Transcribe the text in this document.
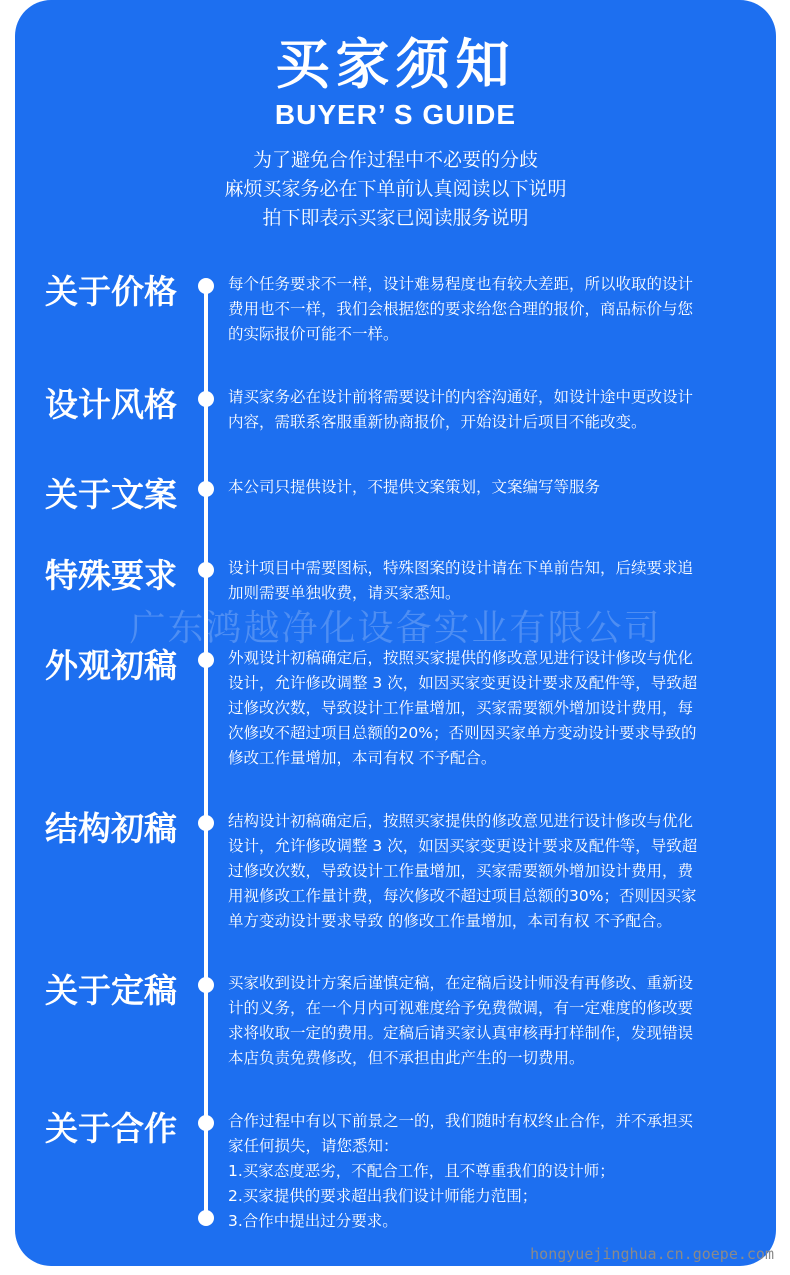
买家须知
BUYER’ S GUIDE
为了避免合作过程中不必要的分歧
麻烦买家务必在下单前认真阅读以下说明
拍下即表示买家已阅读服务说明
广东鸿越净化设备实业有限公司
关于价格	每个任务要求不一样，设计难易程度也有较大差距，所以收取的设计
费用也不一样，我们会根据您的要求给您合理的报价，商品标价与您
的实际报价可能不一样。
设计风格	请买家务必在设计前将需要设计的内容沟通好，如设计途中更改设计
内容，需联系客服重新协商报价，开始设计后项目不能改变。
关于文案	本公司只提供设计，不提供文案策划，文案编写等服务
特殊要求	设计项目中需要图标，特殊图案的设计请在下单前告知，后续要求追
加则需要单独收费，请买家悉知。
外观初稿	外观设计初稿确定后，按照买家提供的修改意见进行设计修改与优化
设计，允许修改调整 3 次，如因买家变更设计要求及配件等，导致超
过修改次数，导致设计工作量增加，买家需要额外增加设计费用，每
次修改不超过项目总额的20%；否则因买家单方变动设计要求导致的
修改工作量增加，本司有权 不予配合。
结构初稿	结构设计初稿确定后，按照买家提供的修改意见进行设计修改与优化
设计，允许修改调整 3 次，如因买家变更设计要求及配件等，导致超
过修改次数，导致设计工作量增加，买家需要额外增加设计费用，费
用视修改工作量计费，每次修改不超过项目总额的30%；否则因买家
单方变动设计要求导致 的修改工作量增加，本司有权 不予配合。
关于定稿	买家收到设计方案后谨慎定稿，在定稿后设计师没有再修改、重新设
计的义务，在一个月内可视难度给予免费微调，有一定难度的修改要
求将收取一定的费用。定稿后请买家认真审核再打样制作，发现错误
本店负责免费修改，但不承担由此产生的一切费用。
关于合作	合作过程中有以下前景之一的，我们随时有权终止合作，并不承担买
家任何损失，请您悉知：
1.买家态度恶劣，不配合工作，且不尊重我们的设计师；
2.买家提供的要求超出我们设计师能力范围；
3.合作中提出过分要求。
hongyuejinghua.cn.goepe.com
